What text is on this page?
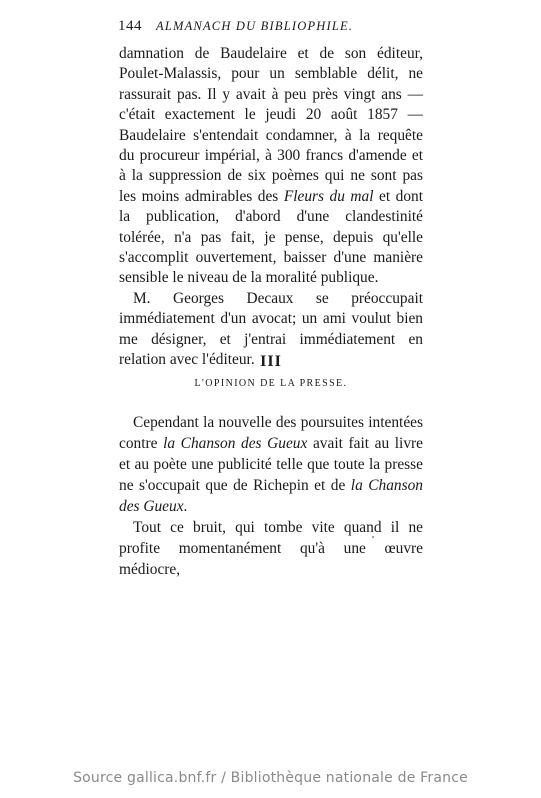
144 ALMANACH DU BIBLIOPHILE.

damnation de Baudelaire et de son éditeur, Poulet-Malassis, pour un semblable délit, ne rassurait pas. Il y avait à peu près vingt ans — c'était exactement le jeudi 20 août 1857 — Baudelaire s'entendait condamner, à la requête du procureur impérial, à 300 francs d'amende et à la suppression de six poèmes qui ne sont pas les moins admirables des Fleurs du mal et dont la publication, d'abord d'une clandestinité tolérée, n'a pas fait, je pense, depuis qu'elle s'accomplit ouvertement, baisser d'une manière sensible le niveau de la moralité publique.

M. Georges Decaux se préoccupait immédiatement d'un avocat; un ami voulut bien me désigner, et j'entrai immédiatement en relation avec l'éditeur. III
L'OPINION DE LA PRESSE.

Cependant la nouvelle des poursuites intentées contre la Chanson des Gueux avait fait au livre et au poète une publicité telle que toute la presse ne s'occupait que de Richepin et de la Chanson des Gueux.

Tout ce bruit, qui tombe vite quand il ne profite momentanément qu'à une œuvre médiocre,

Source gallica.bnf.fr / Bibliothèque nationale de France
